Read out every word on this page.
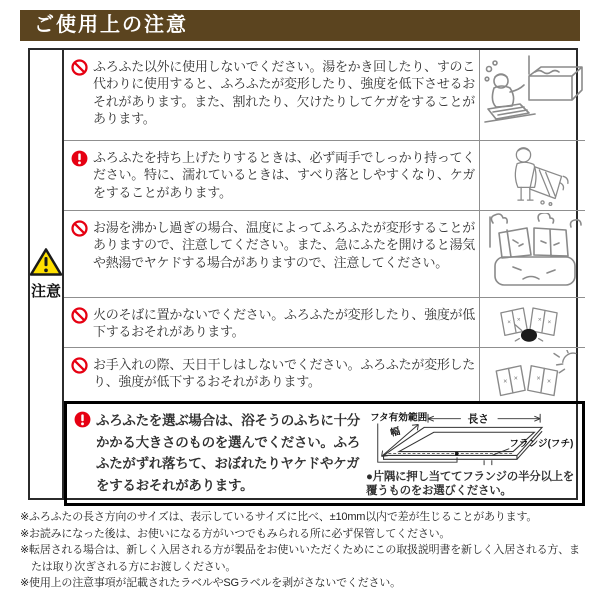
ご使用上の注意
注意
ふろふた以外に使用しないでください。湯をかき回したり、すのこ代わりに使用すると、ふろふたが変形したり、強度を低下させるおそれがあります。また、割れたり、欠けたりしてケガをすることがあります。
ふろふたを持ち上げたりするときは、必ず両手でしっかり持ってください。特に、濡れているときは、すべり落としやすくなり、ケガをすることがあります。
お湯を沸かし過ぎの場合、温度によってふろふたが変形することがありますので、注意してください。また、急にふたを開けると湯気や熱湯でヤケドする場合がありますので、注意してください。
火のそばに置かないでください。ふろふたが変形したり、強度が低下するおそれがあります。
× × × ×
お手入れの際、天日干しはしないでください。ふろふたが変形したり、強度が低下するおそれがあります。	× × × ×
ふろふたを選ぶ場合は、浴そうのふちに十分かかる大きさのものを選んでください。ふろふたがずれ落ちて、おぼれたりヤケドやケガをするおそれがあります。
フタ有効範囲	長さ
幅
フランジ(フチ)
●片隅に押し当ててフランジの半分以上を覆うものをお選びください。
※ふろふたの長さ方向のサイズは、表示しているサイズに比べ、±10mm以内で差が生じることがあります。
※お読みになった後は、お使いになる方がいつでもみられる所に必ず保管してください。
※転居される場合は、新しく入居される方が製品をお使いいただくためにこの取扱説明書を新しく入居される方、または取り次ぎされる方にお渡しください。
※使用上の注意事項が記載されたラベルやSGラベルを剥がさないでください。
